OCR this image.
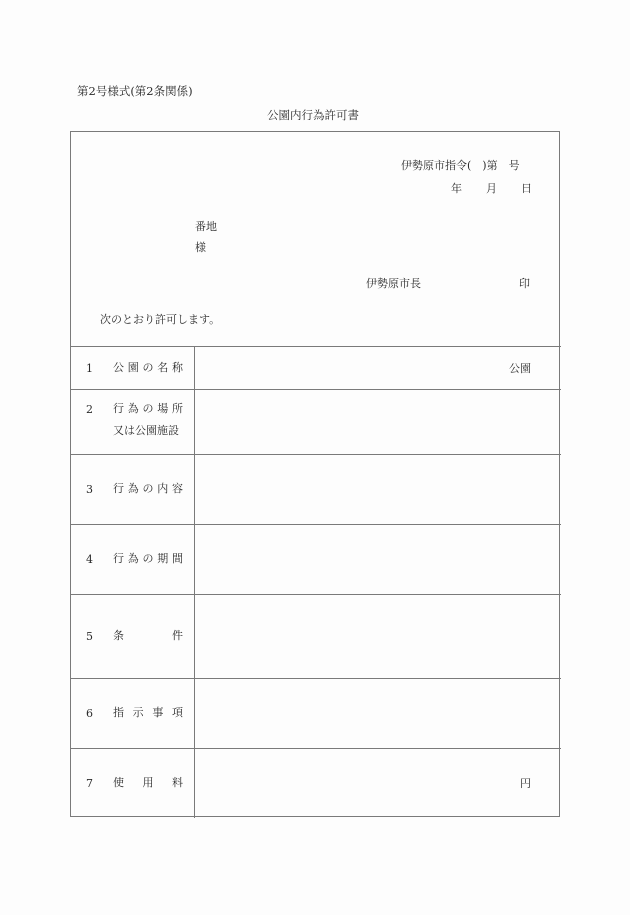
第2号様式(第2条関係)
公園内行為許可書
伊勢原市指令(　)第　号
年 月 日
番地
様
伊勢原市長	印
次のとおり許可します。
1 公 園 の 名 称	公園
2 行 為 の 場 所
又は公園施設
3 行 為 の 内 容
4 行 為 の 期 間
5 条	件
6 指 示 事 項
7 使 用 料	円
